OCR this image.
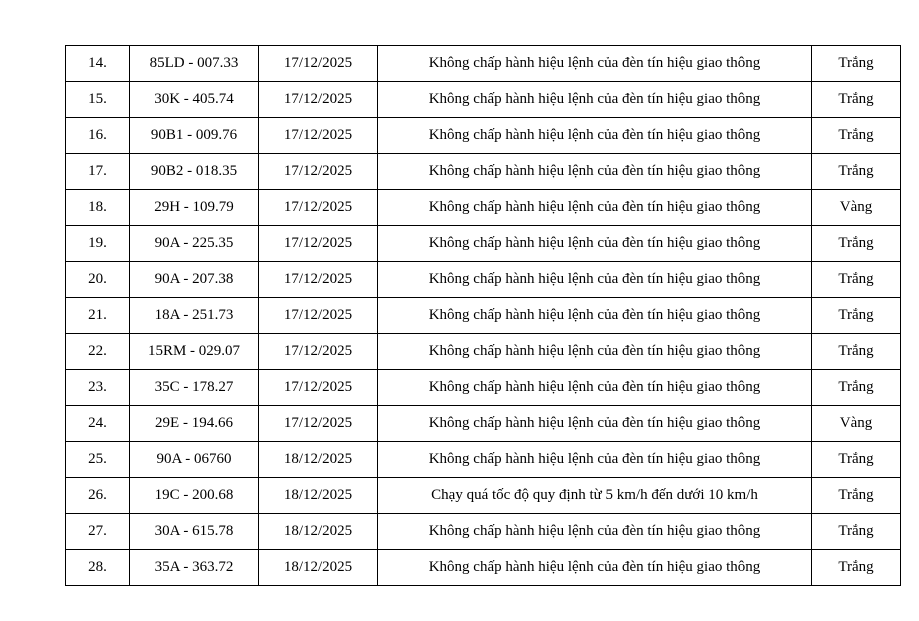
14.	85LD - 007.33	17/12/2025	Không chấp hành hiệu lệnh của đèn tín hiệu giao thông	Trắng
15.	30K - 405.74	17/12/2025	Không chấp hành hiệu lệnh của đèn tín hiệu giao thông	Trắng
16.	90B1 - 009.76	17/12/2025	Không chấp hành hiệu lệnh của đèn tín hiệu giao thông	Trắng
17.	90B2 - 018.35	17/12/2025	Không chấp hành hiệu lệnh của đèn tín hiệu giao thông	Trắng
18.	29H - 109.79	17/12/2025	Không chấp hành hiệu lệnh của đèn tín hiệu giao thông	Vàng
19.	90A - 225.35	17/12/2025	Không chấp hành hiệu lệnh của đèn tín hiệu giao thông	Trắng
20.	90A - 207.38	17/12/2025	Không chấp hành hiệu lệnh của đèn tín hiệu giao thông	Trắng
21.	18A - 251.73	17/12/2025	Không chấp hành hiệu lệnh của đèn tín hiệu giao thông	Trắng
22.	15RM - 029.07	17/12/2025	Không chấp hành hiệu lệnh của đèn tín hiệu giao thông	Trắng
23.	35C - 178.27	17/12/2025	Không chấp hành hiệu lệnh của đèn tín hiệu giao thông	Trắng
24.	29E - 194.66	17/12/2025	Không chấp hành hiệu lệnh của đèn tín hiệu giao thông	Vàng
25.	90A - 06760	18/12/2025	Không chấp hành hiệu lệnh của đèn tín hiệu giao thông	Trắng
26.	19C - 200.68	18/12/2025	Chạy quá tốc độ quy định từ 5 km/h đến dưới 10 km/h	Trắng
27.	30A - 615.78	18/12/2025	Không chấp hành hiệu lệnh của đèn tín hiệu giao thông	Trắng
28.	35A - 363.72	18/12/2025	Không chấp hành hiệu lệnh của đèn tín hiệu giao thông	Trắng
